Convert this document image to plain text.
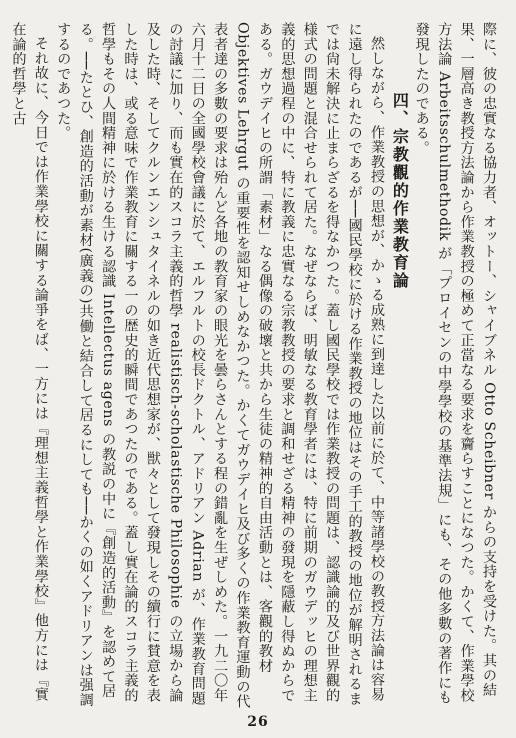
際に、彼の忠實なる協力者、オットー、シャイブネル Otto Scheibner からの支持を受けた。其の結果、一層高き教授方法論から作業教授の極めて正當なる要求を齎らすことになつた。かくて、作業學校方法論 Arbeitsschulmethodik が「プロイセンの中學學校の基準法規」にも、その他多數の著作にも發現したのである。

四、宗教觀的作業教育論

然しながら、作業教授の思想が、かゝる成熟に到達した以前に於て、中等諸學校の教授方法論は容易に遠し得られたのであるが──國民學校に於ける作業教授の地位はその手工的教授の地位が解明されるまでは尙未解決に止まらざるを得なかつた。蓋し國民學校では作業教授の問題は、認識論的及び世界觀的様式の問題と混合せられて居た。なぜならば、明敏なる教育學者には、特に前期のガウデッヒの理想主義的思想過程の中に、特に教義に忠實なる宗教教授の要求と調和せざる精神の發現を隱蔽し得ぬからである。ガウデイヒの所謂「素材」なる偶像の破壞と共から生徒の精神的自由活動とは、客觀的教材 Objektives Lehrgut の重要性を認知せしめなかつた。かくてガウデイヒ及び多くの作業教育運動の代表者達の多數の要求は殆んど各地の教育家の眼光を曇らさんとする程の錯亂を生ぜしめた。一九二〇年六月十二日の全國學校會議に於て、エルフルトの校長ドクトル、アドリアン Adrian が、作業教育問題の討議に加り、而も實在的スコラ主義的哲學 realistisch-scholastische Philosophie の立場から論及した時、そしてクルンエンシュタイネルの如き近代思想家が、獣々として發現しその續行に賛意を表した時は、或る意味で作業教育に關する一の歴史的瞬間であつたのである。蓋し實在論的スコラ主義的哲學もその人間精神に於ける生ける認識 Intellectus agens の教説の中に『創造的活動』を認めて居る。──たとひ、創造的活動が素材(廣義の)共働と結合して居るにしても──かくの如くアドリアンは强調するのであつた。

それ故に、今日では作業學校に關する論爭をば、一方には『理想主義哲學と作業學校』他方には『實在論的哲學と古

26
